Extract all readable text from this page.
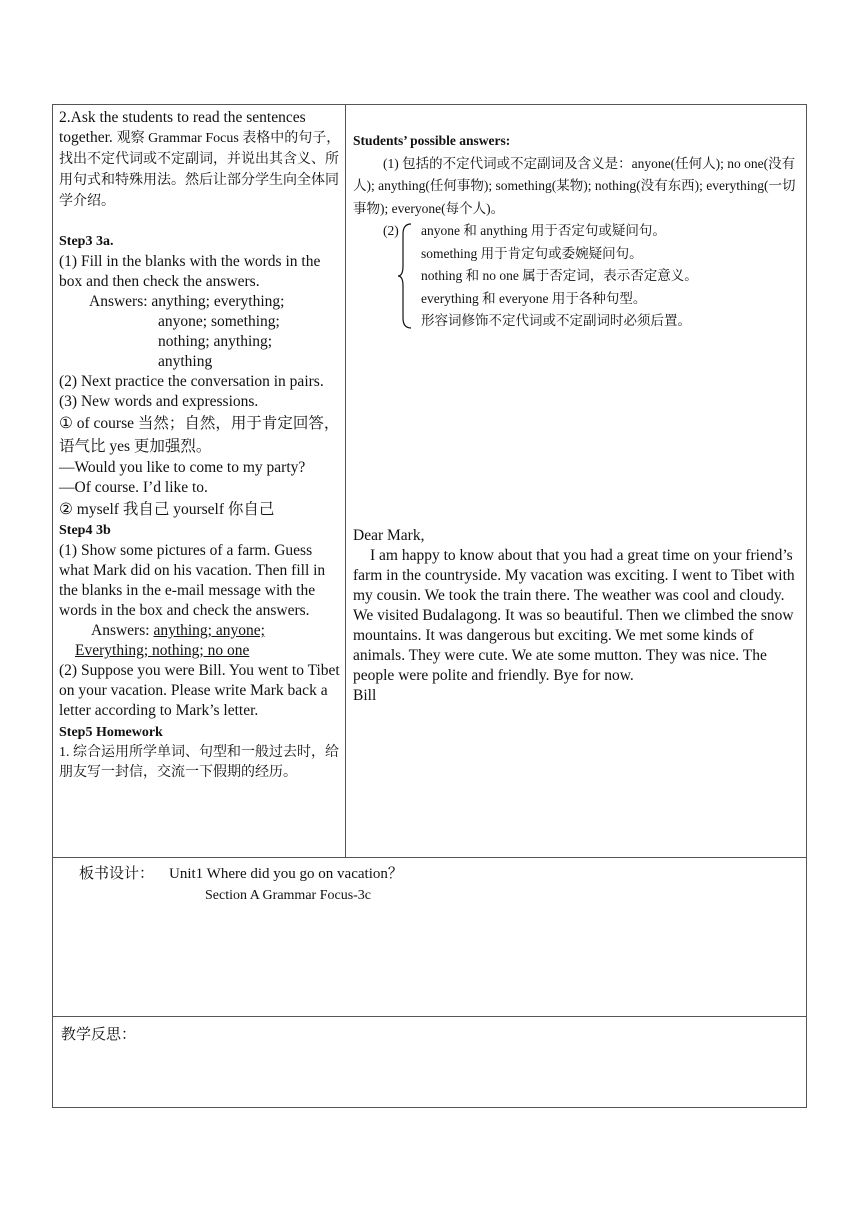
2.Ask the students to read the sentences together. 观察 Grammar Focus 表格中的句子，找出不定代词或不定副词，并说出其含义、所用句式和特殊用法。然后让部分学生向全体同学介绍。

Step3 3a.

(1) Fill in the blanks with the words in the box and then check the answers.

Answers: anything; everything;

anyone; something;

nothing; anything;

anything

(2) Next practice the conversation in pairs.

(3) New words and expressions.

① of course 当然；自然，用于肯定回答，语气比 yes 更加强烈。

—Would you like to come to my party?

—Of course. I’d like to.

② myself 我自己 yourself 你自己

Step4 3b

(1) Show some pictures of a farm. Guess what Mark did on his vacation. Then fill in the blanks in the e-mail message with the words in the box and check the answers.

Answers: anything; anyone;

Everything; nothing; no one

(2) Suppose you were Bill. You went to Tibet on your vacation. Please write Mark back a letter according to Mark’s letter.

Step5 Homework

1. 综合运用所学单词、句型和一般过去时，给朋友写一封信，交流一下假期的经历。

Students’ possible answers:

(1) 包括的不定代词或不定副词及含义是：anyone(任何人); no one(没有人); anything(任何事物); something(某物); nothing(没有东西); everything(一切事物); everyone(每个人)。

(2) anyone 和 anything 用于否定句或疑问句。

something 用于肯定句或委婉疑问句。

nothing 和 no one 属于否定词，表示否定意义。

everything 和 everyone 用于各种句型。

形容词修饰不定代词或不定副词时必须后置。

Dear Mark,

I am happy to know about that you had a great time on your friend’s farm in the countryside. My vacation was exciting. I went to Tibet with my cousin. We took the train there. The weather was cool and cloudy. We visited Budalagong. It was so beautiful. Then we climbed the snow mountains. It was dangerous but exciting. We met some kinds of animals. They were cute. We ate some mutton. They was nice. The people were polite and friendly. Bye for now.

Bill

板书设计： Unit1 Where did you go on vacation？

Section A Grammar Focus-3c

教学反思：
